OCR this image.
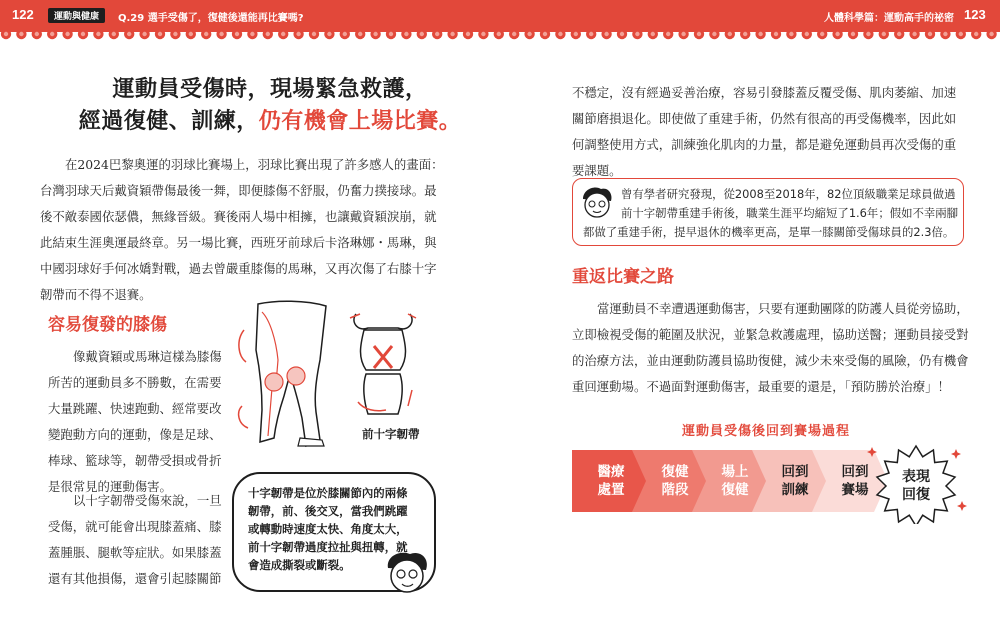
122	運動與健康	Q.29 選手受傷了，復健後還能再比賽嗎?	人體科學篇：運動高手的祕密 123
運動員受傷時，現場緊急救護，
經過復健、訓練，仍有機會上場比賽。
在2024巴黎奧運的羽球比賽場上，羽球比賽出現了許多感人的畫面：
台灣羽球天后戴資穎帶傷最後一舞，即便膝傷不舒服，仍奮力撲接球。最
後不敵泰國依瑟儂，無緣晉級。賽後兩人場中相擁，也讓戴資穎淚崩，就
此結束生涯奧運最終章。另一場比賽，西班牙前球后卡洛琳娜・馬琳，與
中國羽球好手何冰嬌對戰，過去曾嚴重膝傷的馬琳，又再次傷了右膝十字
韌帶而不得不退賽。
容易復發的膝傷
像戴資穎或馬琳這樣為膝傷
所苦的運動員多不勝數，在需要
大量跳躍、快速跑動、經常要改
變跑動方向的運動，像是足球、
棒球、籃球等，韌帶受損或骨折
是很常見的運動傷害。
以十字韌帶受傷來說，一旦
受傷，就可能會出現膝蓋痛、膝
蓋腫脹、腿軟等症狀。如果膝蓋
還有其他損傷，還會引起膝關節
前十字韌帶
十字韌帶是位於膝關節內的兩條
韌帶，前、後交叉，當我們跳躍
或轉動時速度太快、角度太大，
前十字韌帶過度拉扯與扭轉，就
會造成撕裂或斷裂。
不穩定，沒有經過妥善治療，容易引發膝蓋反覆受傷、肌肉萎縮、加速
關節磨損退化。即使做了重建手術，仍然有很高的再受傷機率，因此如
何調整使用方式，訓練強化肌肉的力量，都是避免運動員再次受傷的重
要課題。
曾有學者研究發現，從2008至2018年，82位頂級職業足球員做過
前十字韌帶重建手術後，職業生涯平均縮短了1.6年；假如不幸兩腳
都做了重建手術，提早退休的機率更高，是單一膝關節受傷球員的2.3倍。
重返比賽之路
當運動員不幸遭遇運動傷害，只要有運動團隊的防護人員從旁協助，
立即檢視受傷的範圍及狀況，並緊急救護處理，協助送醫；運動員接受對
的治療方法，並由運動防護員協助復健，減少未來受傷的風險，仍有機會
重回運動場。不過面對運動傷害，最重要的還是，「預防勝於治療」！
運動員受傷後回到賽場過程
醫療
處置
復健
階段
場上
復健
回到
訓練
回到
賽場
表現
回復
